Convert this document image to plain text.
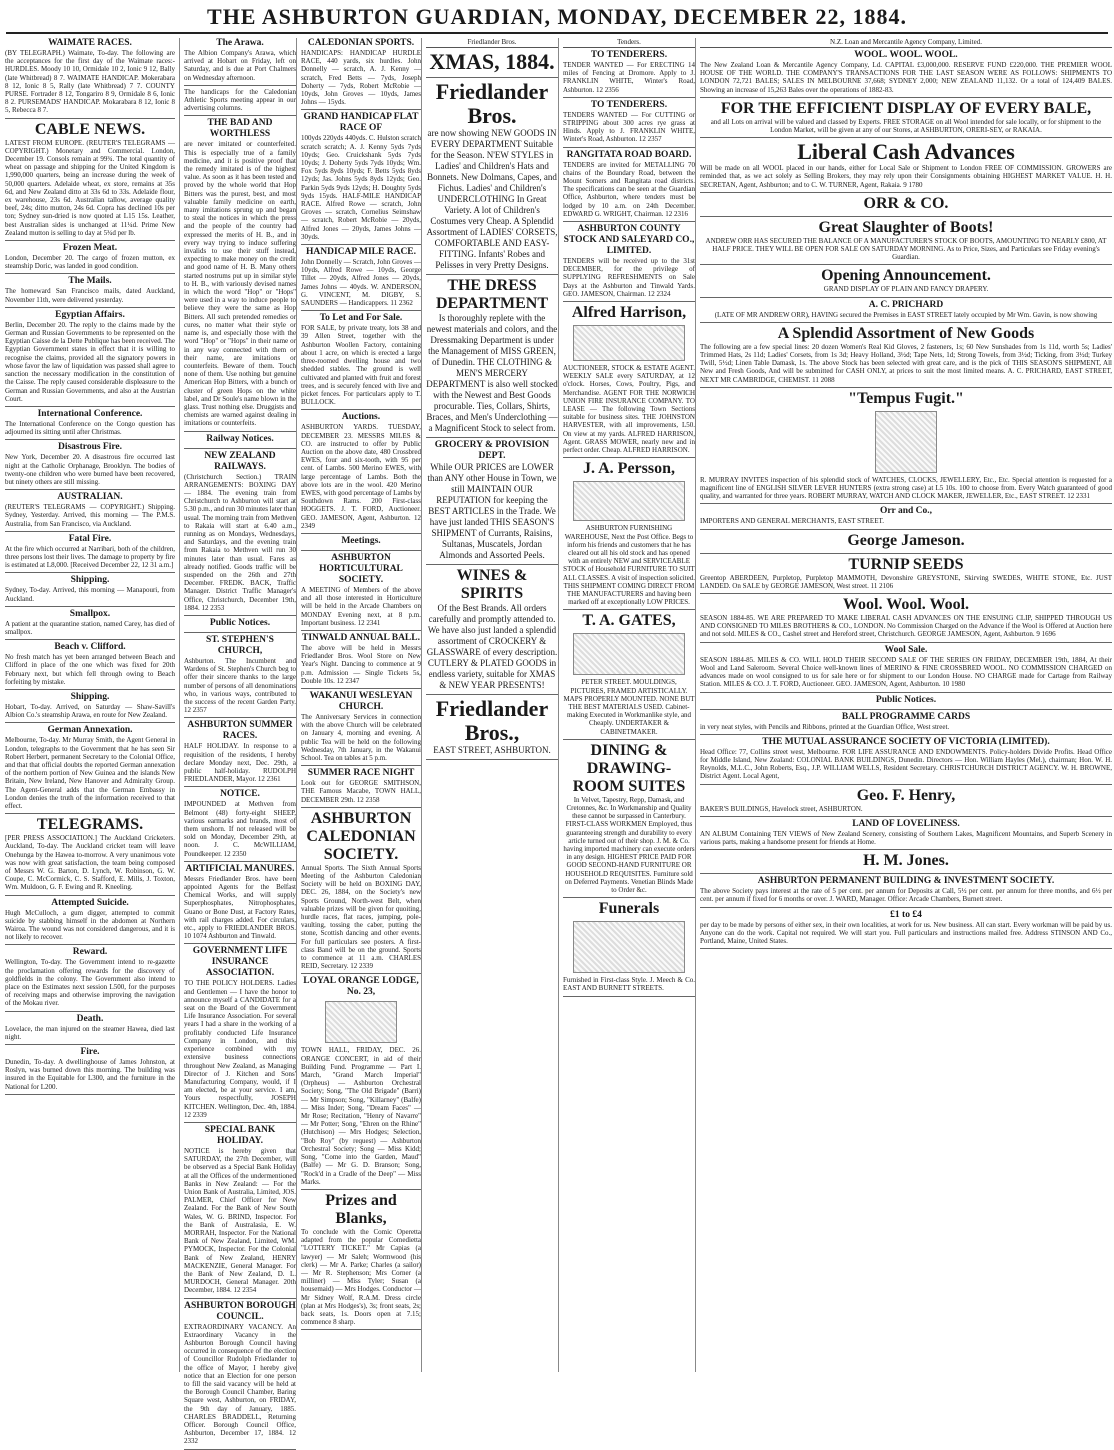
THE ASHBURTON GUARDIAN, MONDAY, DECEMBER 22, 1884.
WAIMATE RACES.
(BY TELEGRAPH.) Waimate, To-day. The following are the acceptances for the first day of the Waimate races:- HURDLES. Moody 10 10, Ormidale 10 2, Ionic 9 12, Bally (late Whitbread) 8 7. WAIMATE HANDICAP. Mokerabara 8 12, Ionic 8 5, Rally (late Whitbread) 7 7. COUNTY PURSE. Fortrader 8 12, Tongariro 8 9, Ormidale 8 6, Ionic 8 2. PURSEMADS' HANDICAP. Mokarabara 8 12, Ionic 8 5, Rebecca 8 7.
CABLE NEWS.
LATEST FROM EUROPE. (REUTER'S TELEGRAMS — COPYRIGHT.) Monetary and Commercial. London, December 19. Consols remain at 99¾. The total quantity of wheat on passage and shipping for the United Kingdom is 1,990,000 quarters, being an increase during the week of 50,000 quarters. Adelaide wheat, ex store, remains at 35s 6d, and New Zealand ditto at 33s 6d to 33s. Adelaide flour, ex warehouse, 23s 6d. Australian tallow, average quality beef, 24s; ditto mutton, 24s 6d. Copra has declined 10s per ton; Sydney sun-dried is now quoted at L15 15s. Leather, best Australian sides is unchanged at 11¼d. Prime New Zealand mutton is selling to day at 5¾d per lb.
Frozen Meat.
London, December 20. The cargo of frozen mutton, ex steamship Doric, was landed in good condition.
The Mails.
The homeward San Francisco mails, dated Auckland, November 11th, were delivered yesterday.
Egyptian Affairs.
Berlin, December 20. The reply to the claims made by the German and Russian Governments to be represented on the Egyptian Caisse de la Dette Publique has been received. The Egyptian Government states in effect that it is willing to recognise the claims, provided all the signatory powers in whose favor the law of liquidation was passed shall agree to sanction the necessary modification in the constitution of the Caisse. The reply caused considerable displeasure to the German and Russian Governments, and also at the Austrian Court.
International Conference.
The International Conference on the Congo question has adjourned its sitting until after Christmas.
Disastrous Fire.
New York, December 20. A disastrous fire occurred last night at the Catholic Orphanage, Brooklyn. The bodies of twenty-one children who were burned have been recovered, but ninety others are still missing.
AUSTRALIAN.
(REUTER'S TELEGRAMS — COPYRIGHT.) Shipping. Sydney, Yesterday. Arrived, this morning — The P.M.S. Australia, from San Francisco, via Auckland.
Fatal Fire.
At the fire which occurred at Narribari, both of the children, three persons lost their lives. The damage to property by fire is estimated at L8,000. [Received December 22, 12 31 a.m.]
Shipping.
Sydney, To-day. Arrived, this morning — Manapouri, from Auckland.
Smallpox.
A patient at the quarantine station, named Carey, has died of smallpox.
Beach v. Clifford.
No fresh match has yet been arranged between Beach and Clifford in place of the one which was fixed for 20th February next, but which fell through owing to Beach forfeiting by mistake.
Shipping.
Hobart, To-day. Arrived, on Saturday — Shaw-Savill's Albion Co.'s steamship Arawa, en route for New Zealand.
German Annexation.
Melbourne, To-day. Mr Murray Smith, the Agent General in London, telegraphs to the Government that he has seen Sir Robert Herbert, permanent Secretary to the Colonial Office, and that that official doubts the reported German annexation of the northern portion of New Guinea and the islands New Britain, New Ireland, New Hanover and Admiralty Group. The Agent-General adds that the German Embassy in London denies the truth of the information received to that effect.
TELEGRAMS.
[PER PRESS ASSOCIATION.] The Auckland Cricketers. Auckland, To-day. The Auckland cricket team will leave Onehunga by the Hawea to-morrow. A very unanimous vote was now with great satisfaction, the team being composed of Messrs W. G. Barton, D. Lynch, W. Robinson, G. W. Coupe, C. McCormick, C. S. Stafford, E. Mills, J. Toxton, Wm. Muldoon, G. F. Ewing and R. Kneeling.
Attempted Suicide.
Hugh McCulloch, a gum digger, attempted to commit suicide by stabbing himself in the abdomen at Northern Wairoa. The wound was not considered dangerous, and it is not likely to recover.
Reward.
Wellington, To-day. The Government intend to re-gazette the proclamation offering rewards for the discovery of goldfields in the colony. The Government also intend to place on the Estimates next session L500, for the purposes of receiving maps and otherwise improving the navigation of the Mokau river.
Death.
Lovelace, the man injured on the steamer Hawea, died last night.
Fire.
Dunedin, To-day. A dwellinghouse of James Johnston, at Roslyn, was burned down this morning. The building was insured in the Equitable for L300, and the furniture in the National for L200.
The Arawa.
The Albion Company's Arawa, which arrived at Hobart on Friday, left on Saturday, and is due at Port Chalmers on Wednesday afternoon.
The handicaps for the Caledonian Athletic Sports meeting appear in our advertising columns.
THE BAD AND WORTHLESS
are never imitated or counterfeited. This is especially true of a family medicine, and it is positive proof that the remedy imitated is of the highest value. As soon as it has been tested and proved by the whole world that Hop Bitters was the purest, best, and most valuable family medicine on earth, many imitations sprung up and began to steal the notices in which the press and the people of the country had expressed the merits of H. B., and in every way trying to induce suffering invalids to use their stuff instead, expecting to make money on the credit and good name of H. B. Many others started nostrums put up in similar style to H. B., with variously devised names in which the word "Hop" or "Hops" were used in a way to induce people to believe they were the same as Hop Bitters. All such pretended remedies or cures, no matter what their style or name is, and especially those with the word "Hop" or "Hops" in their name or in any way connected with them or their name, are imitations or counterfeits. Beware of them. Touch none of them. Use nothing but genuine American Hop Bitters, with a bunch or cluster of green Hops on the white label, and Dr Soule's name blown in the glass. Trust nothing else. Druggists and chemists are warned against dealing in imitations or counterfeits.
Railway Notices.
NEW ZEALAND RAILWAYS.
(Christchurch Section.) TRAIN ARRANGEMENTS: BOXING DAY — 1884. The evening train from Christchurch to Ashburton will start at 5.30 p.m., and run 30 minutes later than usual. The morning train from Methven to Rakaia will start at 6.40 a.m., running as on Mondays, Wednesdays, and Saturdays, and the evening train from Rakaia to Methven will run 30 minutes later than usual. Fares as already notified. Goods traffic will be suspended on the 26th and 27th December. FREDK. BACK, Traffic Manager. District Traffic Manager's Office, Christchurch, December 19th, 1884. 12 2353
Public Notices.
ST. STEPHEN'S CHURCH,
Ashburton. The Incumbent and Wardens of St. Stephen's Church beg to offer their sincere thanks to the large number of persons of all denominations who, in various ways, contributed to the success of the recent Garden Party. 12 2357
ASHBURTON SUMMER RACES.
HALF HOLIDAY. In response to a requisition of the residents, I hereby declare Monday next, Dec. 29th, a public half-holiday. RUDOLPH FRIEDLANDER, Mayor. 12 2361
NOTICE.
IMPOUNDED at Methven from Belmont (48) forty-eight SHEEP, various earmarks and brands, most of them unshorn. If not released will be sold on Monday, December 29th, at noon. J. C. McWILLIAM, Poundkeeper. 12 2350
ARTIFICIAL MANURES.
Messrs Friedlander Bros. have been appointed Agents for the Belfast Chemical Works, and will supply Superphosphates, Nitrophosphates, Guano or Bone Dust, at Factory Rates, with rail charges added. For circulars, etc., apply to FRIEDLANDER BROS. 10 1074 Ashburton and Tinwald.
GOVERNMENT LIFE INSURANCE ASSOCIATION.
TO THE POLICY HOLDERS. Ladies and Gentlemen — I have the honor to announce myself a CANDIDATE for a seat on the Board of the Government Life Insurance Association. For several years I had a share in the working of a profitably conducted Life Insurance Company in London, and this experience combined with my extensive business connections throughout New Zealand, as Managing Director of J. Kitchen and Sons' Manufacturing Company, would, if I am elected, be at your service. I am, Yours respectfully, JOSEPH KITCHEN. Wellington, Dec. 4th, 1884. 12 2339
SPECIAL BANK HOLIDAY.
NOTICE is hereby given that SATURDAY, the 27th December, will be observed as a Special Bank Holiday at all the Offices of the undermentioned Banks in New Zealand: — For the Union Bank of Australia, Limited, JOS. PALMER, Chief Officer for New Zealand. For the Bank of New South Wales, W. G. BRIND, Inspector. For the Bank of Australasia, E. W. MORRAH, Inspector. For the National Bank of New Zealand, Limited, WM. PYMOCK, Inspector. For the Colonial Bank of New Zealand, HENRY MACKENZIE, General Manager. For the Bank of New Zealand, D. L. MURDOCH, General Manager. 20th December, 1884. 12 2354
ASHBURTON BOROUGH COUNCIL.
EXTRAORDINARY VACANCY. An Extraordinary Vacancy in the Ashburton Borough Council having occurred in consequence of the election of Councillor Rudolph Friedlander to the office of Mayor, I hereby give notice that an Election for one person to fill the said vacancy will be held at the Borough Council Chamber, Baring Square west, Ashburton, on FRIDAY, the 9th day of January, 1885. CHARLES BRADDELL, Returning Officer. Borough Council Office, Ashburton, December 17, 1884. 12 2332
CALEDONIAN SPORTS.
HANDICAPS: HANDICAP HURDLE RACE, 440 yards, six hurdles. John Donnelly — scratch, A. J. Kenny — scratch, Fred Betts — 7yds, Joseph Doherty — 7yds, Robert McRobie — 10yds, John Groves — 10yds, James Johns — 15yds.
GRAND HANDICAP FLAT RACE OF
100yds 220yds 440yds. C. Hulston scratch scratch scratch; A. J. Kenny 5yds 7yds 10yds; Geo. Cruickshank 5yds 7yds 10yds; J. Doherty 5yds 7yds 10yds; Wm. Fox 5yds 8yds 10yds; F. Betts 5yds 8yds 12yds; Jas. Johns 5yds 8yds 12yds; Geo. Parkin 5yds 9yds 12yds; H. Doughty 5yds 9yds 15yds. HALF-MILE HANDICAP RACE. Alfred Rowe — scratch, John Groves — scratch, Cornelius Seimshaw — scratch, Robert McRobie — 20yds, Alfred Jones — 20yds, James Johns — 30yds.
HANDICAP MILE RACE.
John Donnelly — Scratch, John Groves — 10yds, Alfred Rowe — 10yds, George Tillet — 20yds, Alfred Jones — 20yds, James Johns — 40yds. W. ANDERSON, G. VINCENT, M. DIGBY, S. SAUNDERS — Handicappers. 11 2362
To Let and For Sale.
FOR SALE, by private treaty, lots 38 and 39 Allen Street, together with the Ashburton Woollen Factory, containing about 1 acre, on which is erected a large three-roomed dwelling house and two shedded stables. The ground is well cultivated and planted with fruit and forest trees, and is securely fenced with live and picket fences. For particulars apply to T. BULLOCK.
Auctions.
ASHBURTON YARDS. TUESDAY, DECEMBER 23. MESSRS MILES & CO. are instructed to offer by Public Auction on the above date, 480 Crossbred EWES, four and six-tooth, with 95 per cent. of Lambs. 500 Merino EWES, with large percentage of Lambs. Both the above lots are in the wool. 420 Merino EWES, with good percentage of Lambs by Southdown Rams. 200 First-class HOGGETS. J. T. FORD, Auctioneer. GEO. JAMESON, Agent, Ashburton. 12 2349
Meetings.
ASHBURTON HORTICULTURAL SOCIETY.
A MEETING of Members of the above and all those interested in Horticulture will be held in the Arcade Chambers on MONDAY Evening next, at 8 p.m. Important business. 12 2341
TINWALD ANNUAL BALL.
The above will be held in Messrs Friedlander Bros. Wool Store on New Year's Night. Dancing to commence at 9 p.m. Admission — Single Tickets 5s, Double 10s. 12 2347
WAKANUI WESLEYAN CHURCH.
The Anniversary Services in connection with the above Church will be celebrated on January 4, morning and evening. A public Tea will be held on the following Wednesday, 7th January, in the Wakanui School. Tea on tables at 5 p.m.
SUMMER RACE NIGHT
Look out for GEORGE SMITHSON, THE Famous Macabe, TOWN HALL, DECEMBER 29th. 12 2358
ASHBURTON CALEDONIAN SOCIETY.
Annual Sports. The Sixth Annual Sports Meeting of the Ashburton Caledonian Society will be held on BOXING DAY, DEC. 26, 1884, on the Society's new Sports Ground, North-west Belt, when valuable prizes will be given for quoiting, hurdle races, flat races, jumping, pole-vaulting, tossing the caber, putting the stone, Scottish dancing and other events. For full particulars see posters. A first-class Band will be on the ground. Sports to commence at 11 a.m. CHARLES REID, Secretary. 12 2339
LOYAL ORANGE LODGE, No. 23,
TOWN HALL, FRIDAY, DEC. 26. ORANGE CONCERT, in aid of their Building Fund. Programme — Part I. March, "Grand March Imperial" (Orpheus) — Ashburton Orchestral Society; Song, "The Old Brigade" (Barri) — Mr Simpson; Song, "Killarney" (Balfe) — Miss Inder; Song, "Dream Faces" — Mr Rose; Recitation, "Henry of Navarre" — Mr Potter; Song, "Ehren on the Rhine" (Hutchison) — Mrs Hodges; Selection, "Bob Roy" (by request) — Ashburton Orchestral Society; Song — Miss Kidd; Song, "Come into the Garden, Maud" (Balfe) — Mr G. D. Branson; Song, "Rock'd in a Cradle of the Deep" — Miss Marks.
Prizes and Blanks,
To conclude with the Comic Operetta adapted from the popular Comedietta "LOTTERY TICKET." Mr Capias (a lawyer) — Mr Saleh; Wormwood (his clerk) — Mr A. Parke; Charles (a sailor) — Mr R. Stephenson; Mrs Corner (a milliner) — Miss Tyler; Susan (a housemaid) — Mrs Hodges. Conductor — Mr Sidney Wolf, R.A.M. Dress circle (plan at Mrs Hodges's), 3s; front seats, 2s; back seats, 1s. Doors open at 7.15; commence 8 sharp.
Friedlander Bros.
XMAS, 1884.
Friedlander Bros.
are now showing NEW GOODS IN EVERY DEPARTMENT Suitable for the Season. N'EW STYLES in Ladies' and Children's Hats and Bonnets. New Dolmans, Capes, and Fichus. Ladies' and Children's UNDERCLOTHING In Great Variety. A lot of Children's Costumes very Cheap. A Splendid Assortment of LADIES' CORSETS, COMFORTABLE AND EASY-FITTING. Infants' Robes and Pelisses in very Pretty Designs.
THE DRESS DEPARTMENT
Is thoroughly replete with the newest materials and colors, and the Dressmaking Department is under the Management of MISS GREEN, of Dunedin. THE CLOTHING & MEN'S MERCERY DEPARTMENT is also well stocked with the Newest and Best Goods procurable. Ties, Collars, Shirts, Braces, and Men's Underclothing — a Magnificent Stock to select from.
GROCERY & PROVISION DEPT.
While OUR PRICES are LOWER than ANY other House in Town, we still MAINTAIN OUR REPUTATION for keeping the BEST ARTICLES in the Trade. We have just landed THIS SEASON'S SHIPMENT of Currants, Raisins, Sultanas, Muscatels, Jordan Almonds and Assorted Peels.
WINES & SPIRITS
Of the Best Brands. All orders carefully and promptly attended to. We have also just landed a splendid assortment of CROCKERY & GLASSWARE of every description. CUTLERY & PLATED GOODS in endless variety, suitable for XMAS & NEW YEAR PRESENTS!
Friedlander Bros.,
EAST STREET, ASHBURTON.
Tenders.
TO TENDERERS.
TENDER WANTED — For ERECTING 14 miles of Fencing at Dromore. Apply to J. FRANKLIN WHITE, Winter's Road, Ashburton. 12 2356
TO TENDERERS.
TENDERS WANTED — For CUTTING or STRIPPING about 300 acres rye grass at Hinds. Apply to J. FRANKLIN WHITE, Winter's Road, Ashburton. 12 2357
RANGITATA ROAD BOARD.
TENDERS are invited for METALLING 70 chains of the Boundary Road, between the Mount Somers and Rangitata road districts. The specifications can be seen at the Guardian Office, Ashburton, where tenders must be lodged by 10 a.m. on 24th December. EDWARD G. WRIGHT, Chairman. 12 2316
ASHBURTON COUNTY STOCK AND SALEYARD CO., LIMITED.
TENDERS will be received up to the 31st DECEMBER, for the privilege of SUPPLYING REFRESHMENTS on Sale Days at the Ashburton and Tinwald Yards. GEO. JAMESON, Chairman. 12 2324
Alfred Harrison,
AUCTIONEER, STOCK & ESTATE AGENT. WEEKLY SALE every SATURDAY, at 12 o'clock. Horses, Cows, Poultry, Pigs, and Merchandise. AGENT FOR THE NORWICH UNION FIRE INSURANCE COMPANY. TO LEASE — The following Town Sections suitable for business sites. THE JOHNSTON HARVESTER, with all improvements, L50. On view at my yards. ALFRED HARRISON, Agent. GRASS MOWER, nearly new and in perfect order. Cheap. ALFRED HARRISON.
J. A. Persson,
ASHBURTON FURNISHING WAREHOUSE, Next the Post Office. Begs to inform his friends and customers that he has cleared out all his old stock and has opened with an entirely NEW and SERVICEABLE STOCK of Household FURNITURE TO SUIT ALL CLASSES. A visit of inspection solicited. THIS SHIPMENT COMING DIRECT FROM THE MANUFACTURERS and having been marked off at exceptionally LOW PRICES.
T. A. GATES,
PETER STREET. MOULDINGS, PICTURES, FRAMED ARTISTICALLY. MAPS PROPERLY MOUNTED. NONE BUT THE BEST MATERIALS USED. Cabinet-making Executed in Workmanlike style, and Cheaply. UNDERTAKER & CABINETMAKER.
DINING & DRAWING-ROOM SUITES
In Velvet, Tapestry, Repp, Damask, and Cretonnes, &c. In Workmanship and Quality these cannot be surpassed in Canterbury. FIRST-CLASS WORKMEN Employed, thus guaranteeing strength and durability to every article turned out of their shop. J. M. & Co. having imported machinery can execute orders in any design. HIGHEST PRICE PAID FOR GOOD SECOND-HAND FURNITURE OR HOUSEHOLD REQUISITES. Furniture sold on Deferred Payments. Venetian Blinds Made to Order &c.
Funerals
Furnished in First-class Style. J. Meech & Co. EAST AND BURNETT STREETS.
N.Z. Loan and Mercantile Agency Company, Limited.
WOOL. WOOL. WOOL.
The New Zealand Loan & Mercantile Agency Company, Ld. CAPITAL £3,000,000. RESERVE FUND £220,000. THE PREMIER WOOL HOUSE OF THE WORLD. THE COMPANY'S TRANSACTIONS FOR THE LAST SEASON WERE AS FOLLOWS: SHIPMENTS TO LONDON 72,721 BALES; SALES IN MELBOURNE 37,668; SYDNEY 2,000; NEW ZEALAND 11,132. Or a total of 124,409 BALES. Showing an increase of 15,263 Bales over the operations of 1882-83.
FOR THE EFFICIENT DISPLAY OF EVERY BALE,
and all Lots on arrival will be valued and classed by Experts. FREE STORAGE on all Wool intended for sale locally, or for shipment to the London Market, will be given at any of our Stores, at ASHBURTON, ORERI-SEY, or RAKAIA.
Liberal Cash Advances
Will be made on all WOOL placed in our hands, either for Local Sale or Shipment to London FREE OF COMMISSION. GROWERS are reminded that, as we act solely as Selling Brokers, they may rely upon their Consignments obtaining HIGHEST MARKET VALUE. H. H. SECRETAN, Agent, Ashburton; and to C. W. TURNER, Agent, Rakaia. 9 1780
ORR & CO.
Great Slaughter of Boots!
ANDREW ORR HAS SECURED THE BALANCE OF A MANUFACTURER'S STOCK OF BOOTS, AMOUNTING TO NEARLY £800, AT HALF PRICE. THEY WILL BE OPEN FOR SALE ON SATURDAY MORNING. As to Price, Sizes, and Particulars see Friday evening's Guardian.
Opening Announcement.
GRAND DISPLAY OF PLAIN AND FANCY DRAPERY.
A. C. PRICHARD
(LATE OF MR ANDREW ORR), HAVING secured the Premises in EAST STREET lately occupied by Mr Wm. Gavin, is now showing
A Splendid Assortment of New Goods
The following are a few special lines: 20 dozen Women's Real Kid Gloves, 2 fasteners, 1s; 60 New Sunshades from 1s 11d, worth 5s; Ladies' Trimmed Hats, 2s 11d; Ladies' Corsets, from 1s 3d; Heavy Holland, 3½d; Tape Nets, 1d; Strong Towels, from 3½d; Ticking, from 3½d; Turkey Twill, 5½d; Linen Table Damask, 1s. The above Stock has been selected with great care, and is the pick of THIS SEASON'S SHIPMENT, All New and Fresh Goods, And will be submitted for CASH ONLY, at prices to suit the most limited means. A. C. PRICHARD, EAST STREET, NEXT MR CAMBRIDGE, CHEMIST. 11 2088
"Tempus Fugit."
R. MURRAY INVITES inspection of his splendid stock of WATCHES, CLOCKS, JEWELLERY, Etc., Etc. Special attention is requested for a magnificent line of ENGLISH SILVER LEVER HUNTERS (extra strong case) at L5 10s. 100 to choose from. Every Watch guaranteed of good quality, and warranted for three years. ROBERT MURRAY, WATCH AND CLOCK MAKER, JEWELLER, Etc., EAST STREET. 12 2331
Orr and Co.,
IMPORTERS AND GENERAL MERCHANTS, EAST STREET.
George Jameson.
TURNIP SEEDS
Greentop ABERDEEN, Purpletop, Purpletop MAMMOTH, Devonshire GREYSTONE, Skirving SWEDES, WHITE STONE, Etc. JUST LANDED. On SALE by GEORGE JAMESON, West street. 11 2106
Wool. Wool. Wool.
SEASON 1884-85. WE ARE PREPARED TO MAKE LIBERAL CASH ADVANCES ON THE ENSUING CLIP, SHIPPED THROUGH US AND CONSIGNED TO MILES BROTHERS & CO., LONDON. No Commission Charged on the Advance if the Wool is Offered at Auction here and not sold. MILES & CO., Cashel street and Hereford street, Christchurch. GEORGE JAMESON, Agent, Ashburton. 9 1696
Wool Sale.
SEASON 1884-85. MILES & CO. WILL HOLD THEIR SECOND SALE OF THE SERIES ON FRIDAY, DECEMBER 19th, 1884, At their Wool and Land Saleroom. Several Choice well-known lines of MERINO & FINE CROSSBRED WOOL. NO COMMISSION CHARGED on advances made on wool consigned to us for sale here or for shipment to our London House. NO CHARGE made for Cartage from Railway Station. MILES & CO. J. T. FORD, Auctioneer. GEO. JAMESON, Agent, Ashburton. 10 1980
Public Notices.
BALL PROGRAMME CARDS
in very neat styles, with Pencils and Ribbons, printed at the Guardian Office, West street.
THE MUTUAL ASSURANCE SOCIETY OF VICTORIA (LIMITED).
Head Office: 77, Collins street west, Melbourne. FOR LIFE ASSURANCE AND ENDOWMENTS. Policy-holders Divide Profits. Head Office for Middle Island, New Zealand: COLONIAL BANK BUILDINGS, Dunedin. Directors — Hon. William Hayles (Mel.), chairman; Hon. W. H. Reynolds, M.L.C., John Roberts, Esq., J.P. WILLIAM WELLS, Resident Secretary. CHRISTCHURCH DISTRICT AGENCY. W. H. BROWNE, District Agent. Local Agent,
Geo. F. Henry,
BAKER'S BUILDINGS, Havelock street, ASHBURTON.
LAND OF LOVELINESS.
AN ALBUM Containing TEN VIEWS of New Zealand Scenery, consisting of Southern Lakes, Magnificent Mountains, and Superb Scenery in various parts, making a handsome present for friends at Home.
H. M. Jones.
ASHBURTON PERMANENT BUILDING & INVESTMENT SOCIETY.
The above Society pays interest at the rate of 5 per cent. per annum for Deposits at Call, 5½ per cent. per annum for three months, and 6½ per cent. per annum if fixed for 6 months or over. J. WARD, Manager. Office: Arcade Chambers, Burnett street.
£1 to £4
per day to be made by persons of either sex, in their own localities, at work for us. New business. All can start. Every workman will be paid by us. Anyone can do the work. Capital not required. We will start you. Full particulars and instructions mailed free. Address STINSON AND Co., Portland, Maine, United States.
